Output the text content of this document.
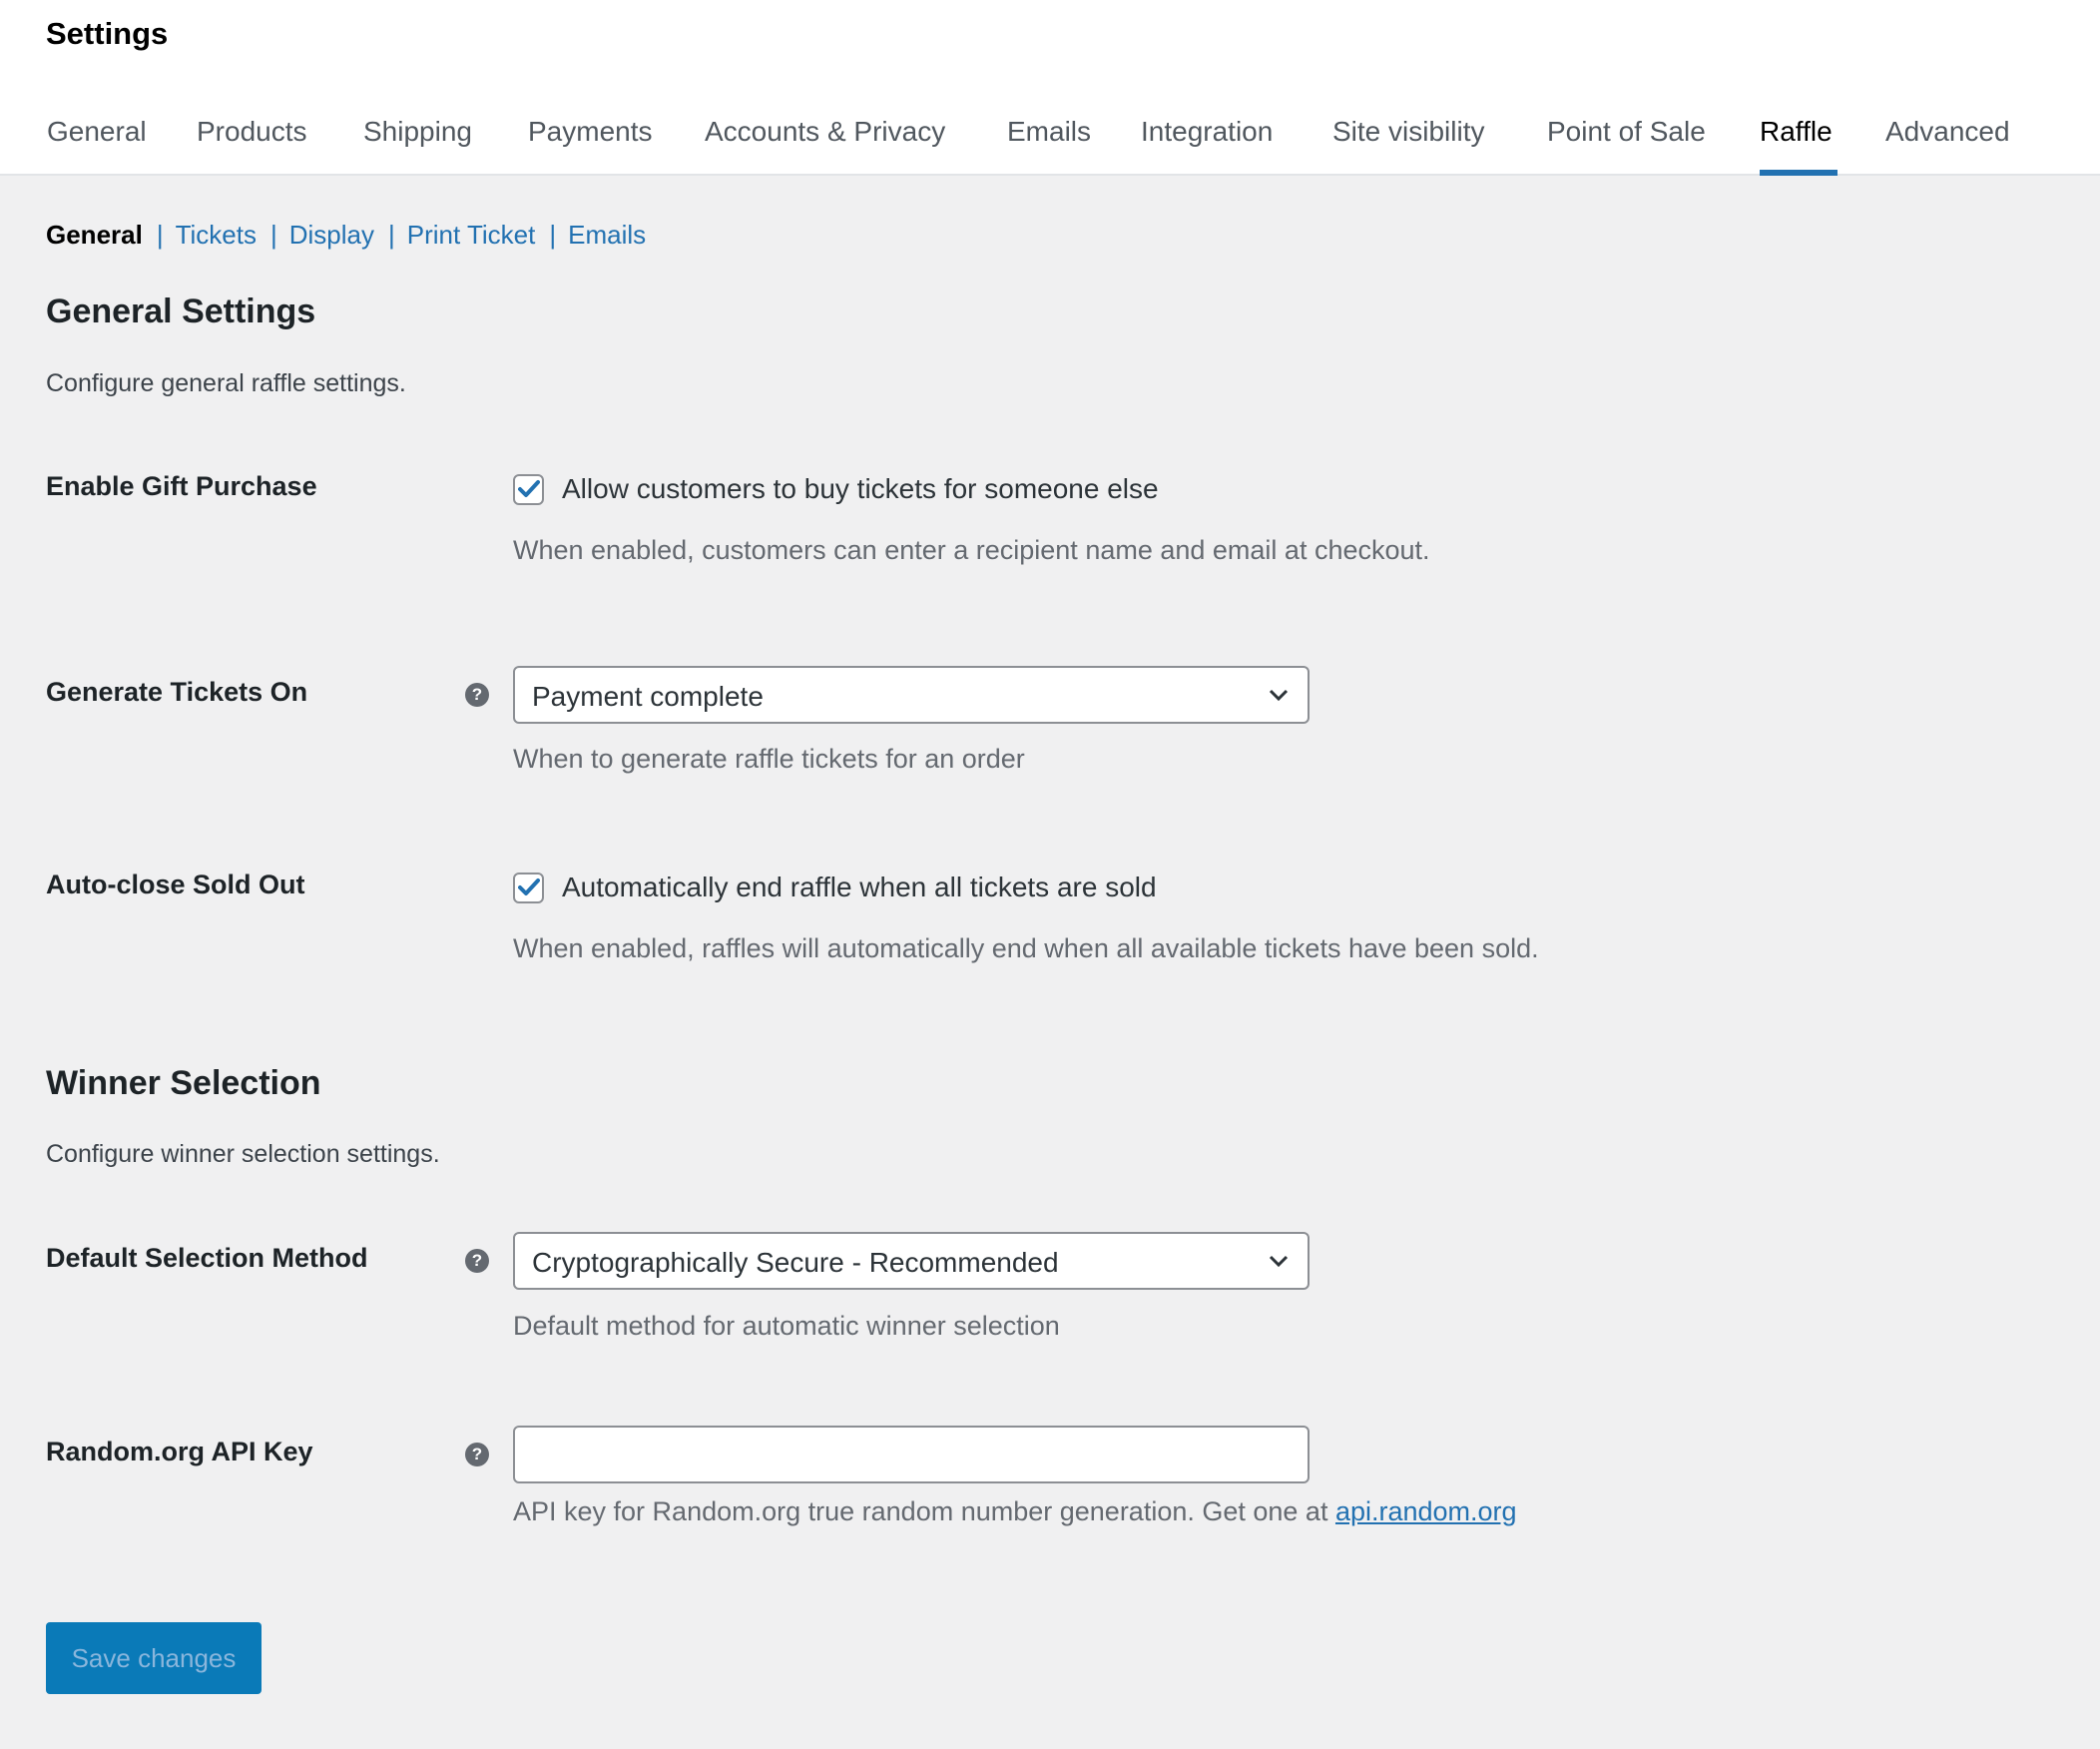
Settings
General Products Shipping Payments Accounts & Privacy Emails Integration Site visibility Point of Sale Raffle Advanced
General | Tickets | Display | Print Ticket | Emails
General Settings
Configure general raffle settings.
Enable Gift Purchase	Allow customers to buy tickets for someone else
When enabled, customers can enter a recipient name and email at checkout.
Generate Tickets On	? Payment complete
When to generate raffle tickets for an order
Auto-close Sold Out	Automatically end raffle when all tickets are sold
When enabled, raffles will automatically end when all available tickets have been sold.
Winner Selection
Configure winner selection settings.
Default Selection Method	? Cryptographically Secure - Recommended
Default method for automatic winner selection
Random.org API Key	?
API key for Random.org true random number generation. Get one at api.random.org
Save changes
